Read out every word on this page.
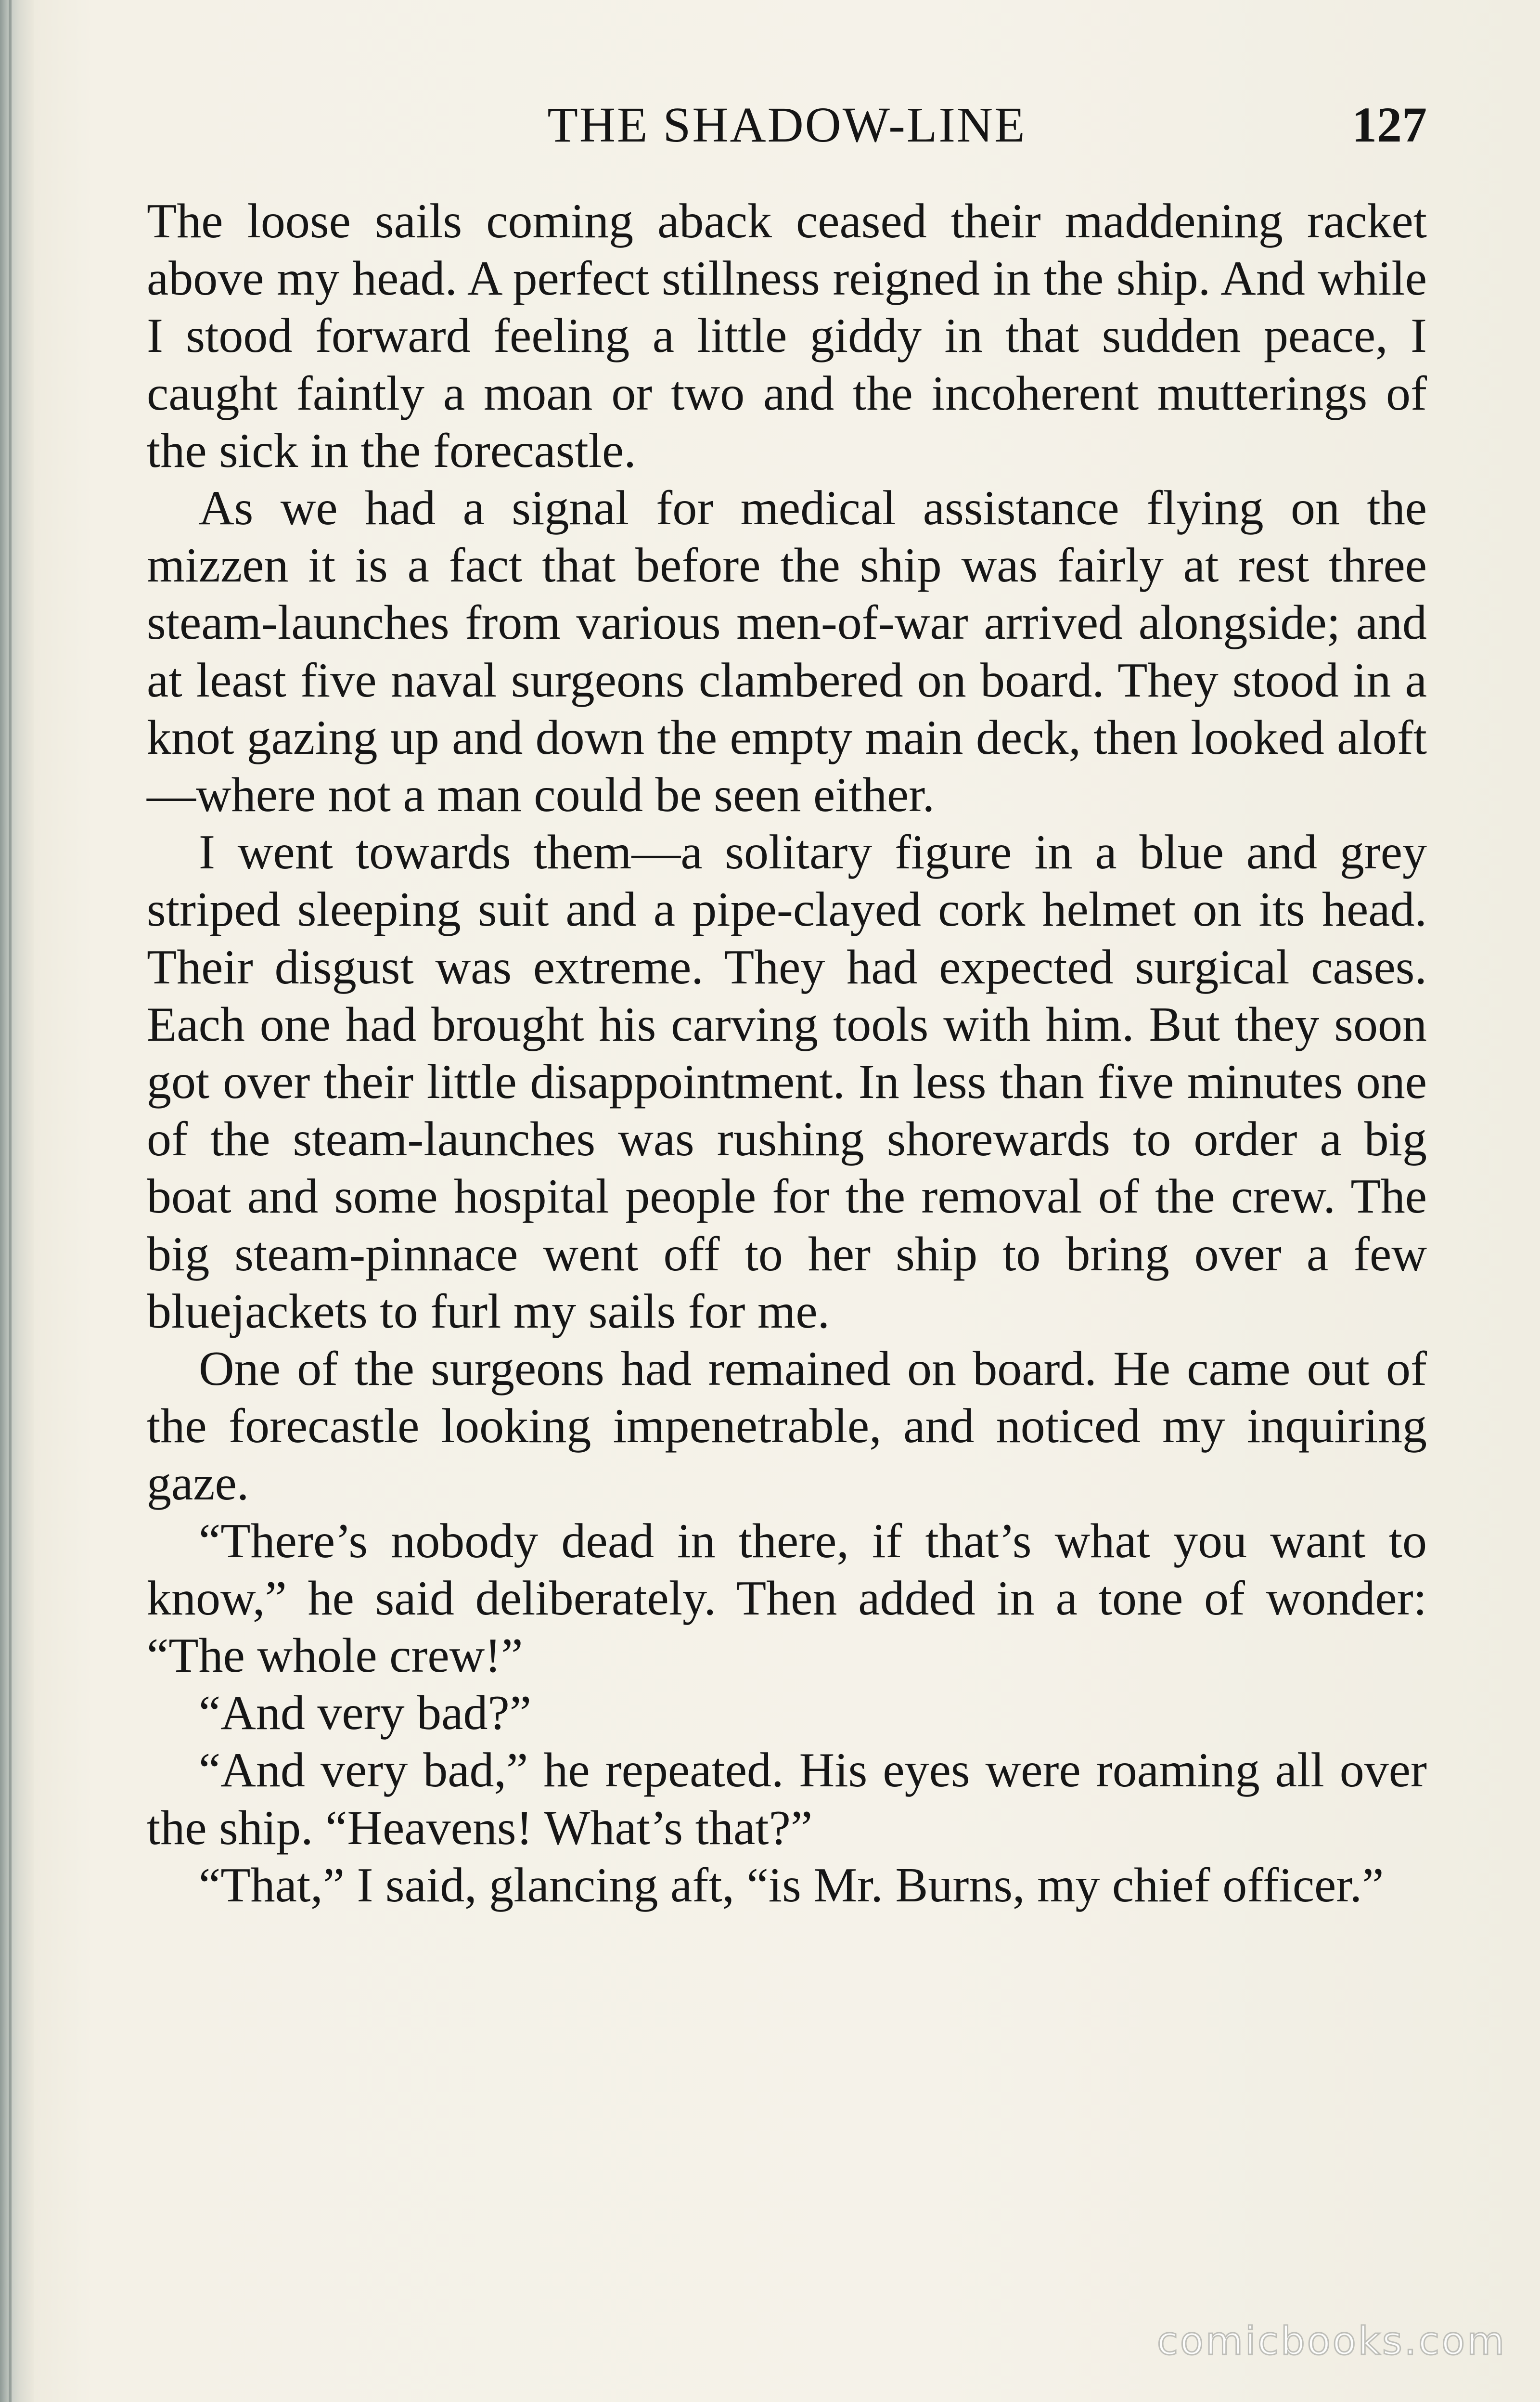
THE SHADOW-LINE	127

The loose sails coming aback ceased their maddening racket above my head. A perfect stillness reigned in the ship. And while I stood forward feeling a little giddy in that sudden peace, I caught faintly a moan or two and the incoherent mutterings of the sick in the forecastle.

As we had a signal for medical assistance flying on the mizzen it is a fact that before the ship was fairly at rest three steam-launches from various men-of-war arrived alongside; and at least five naval surgeons clambered on board. They stood in a knot gazing up and down the empty main deck, then looked aloft—where not a man could be seen either.

I went towards them—a solitary figure in a blue and grey striped sleeping suit and a pipe-clayed cork helmet on its head. Their disgust was extreme. They had expected surgical cases. Each one had brought his carving tools with him. But they soon got over their little disappointment. In less than five minutes one of the steam-launches was rushing shorewards to order a big boat and some hospital people for the removal of the crew. The big steam-pinnace went off to her ship to bring over a few bluejackets to furl my sails for me.

One of the surgeons had remained on board. He came out of the forecastle looking impenetrable, and noticed my inquiring gaze.

“There’s nobody dead in there, if that’s what you want to know,” he said deliberately. Then added in a tone of wonder: “The whole crew!”

“And very bad?”

“And very bad,” he repeated. His eyes were roaming all over the ship. “Heavens! What’s that?”

“That,” I said, glancing aft, “is Mr. Burns, my chief officer.”

comicbooks.com
